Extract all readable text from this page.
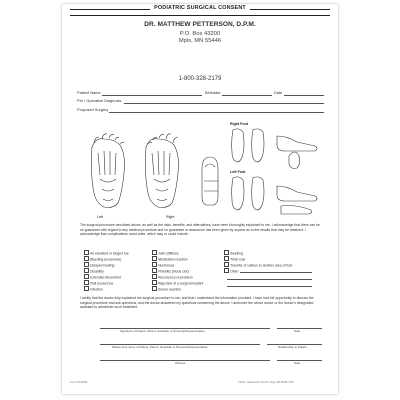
PODIATRIC SURGICAL CONSENT
DR. MATTHEW PETTERSON, D.P.M.
P.O. Box 43200
Mpls, MN 55446
1-800-328-2179
Patient Name	Birthdate	Date
Pre / Operative Diagnosis
Proposed Surgery
Left	Right
Right Foot
Left Foot
The surgical procedure described above, as well as the risks, benefits, and alternatives, have been thoroughly explained to me. I acknowledge that there can be no guarantee with regard to any medical procedure and no guarantee or assurance has been given by anyone as to the results that may be obtained. I acknowledge that complications could arise, which may or could include:
An elevated or longed toe
Bleeding (excessive)
Delayed healing
Disability
Extended discomfort
Flail (loose) toe
Infection
Joint stiffness
Medication reaction
Numbness
Phlebitis (blood clot)
Recurrence of problem
Rejection of a surgical implant
Suture reaction
Swelling
Thick scar
Transfer of callous to another area of foot
Other
I certify that the doctor fully explained the surgical procedure to me, and that I understand the information provided. I have had full opportunity to discuss the surgical procedure and ask questions, and the doctor answered my questions concerning the above. I authorize the above doctor or the doctor's designated assistant to administer such treatment.
Signature of Patient, Parent, Guardian or Personal Representative	Date
Please print name of Patient, Parent, Guardian or Personal Representative	Relationship to Patient
Witness	Date
Form FPCNS4S	©2015 - Medical Arts Press®, Mpls, MN 55446-3700
